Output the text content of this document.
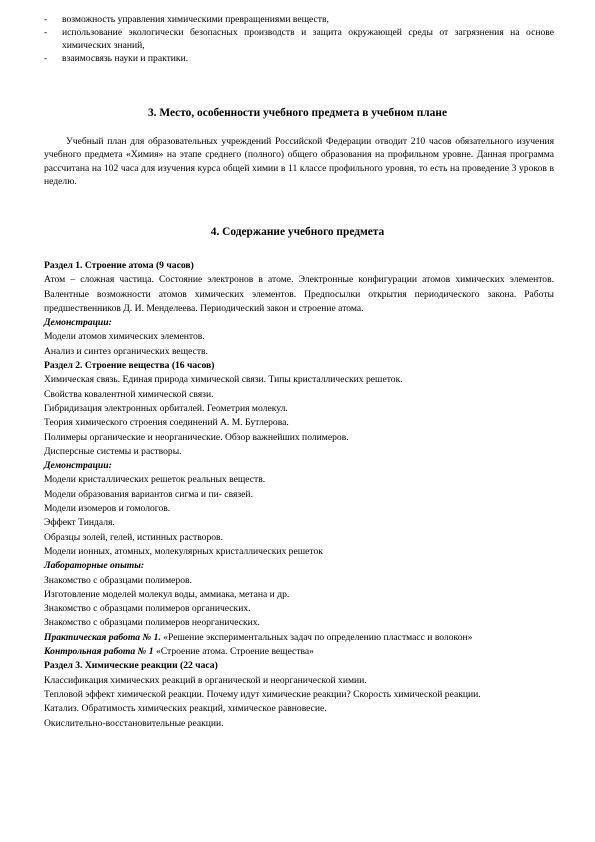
- возможность управления химическими превращениями веществ,
- использование экологически безопасных производств и защита окружающей среды от загрязнения на основе химических знаний,
- взаимосвязь науки и практики.
3. Место, особенности учебного предмета в учебном плане

Учебный план для образовательных учреждений Российской Федерации отводит 210 часов обязательного изучения учебного предмета «Химия» на этапе среднего (полного) общего образования на профильном уровне. Данная программа рассчитана на 102 часа для изучения курса общей химии в 11 классе профильного уровня, то есть на проведение 3 уроков в неделю.

4. Содержание учебного предмета
Раздел 1. Строение атома (9 часов)
Атом – сложная частица. Состояние электронов в атоме. Электронные конфигурации атомов химических элементов. Валентные возможности атомов химических элементов. Предпосылки открытия периодического закона. Работы предшественников Д. И. Менделеева. Периодический закон и строение атома.
Демонстрации:
Модели атомов химических элементов.
Анализ и синтез органических веществ.
Раздел 2. Строение вещества (16 часов)
Химическая связь. Единая природа химической связи. Типы кристаллических решеток.
Свойства ковалентной химической связи.
Гибридизация электронных орбиталей. Геометрия молекул.
Теория химического строения соединений А. М. Бутлерова.
Полимеры органические и неорганические. Обзор важнейших полимеров.
Дисперсные системы и растворы.
Демонстрации:
Модели кристаллических решеток реальных веществ.
Модели образования вариантов сигма и пи- связей.
Модели изомеров и гомологов.
Эффект Тиндаля.
Образцы золей, гелей, истинных растворов.
Модели ионных, атомных, молекулярных кристаллических решеток
Лабораторные опыты:
Знакомство с образцами полимеров.
Изготовление моделей молекул воды, аммиака, метана и др.
Знакомство с образцами полимеров органических.
Знакомство с образцами полимеров неорганических.
Практическая работа № 1. «Решение экспериментальных задач по определению пластмасс и волокон»
Контрольная работа № 1 «Строение атома. Строение вещества»
Раздел 3. Химические реакции (22 часа)
Классификация химических реакций в органической и неорганической химии.
Тепловой эффект химической реакции. Почему идут химические реакции? Скорость химической реакции.
Катализ. Обратимость химических реакций, химическое равновесие.
Окислительно-восстановительные реакции.
